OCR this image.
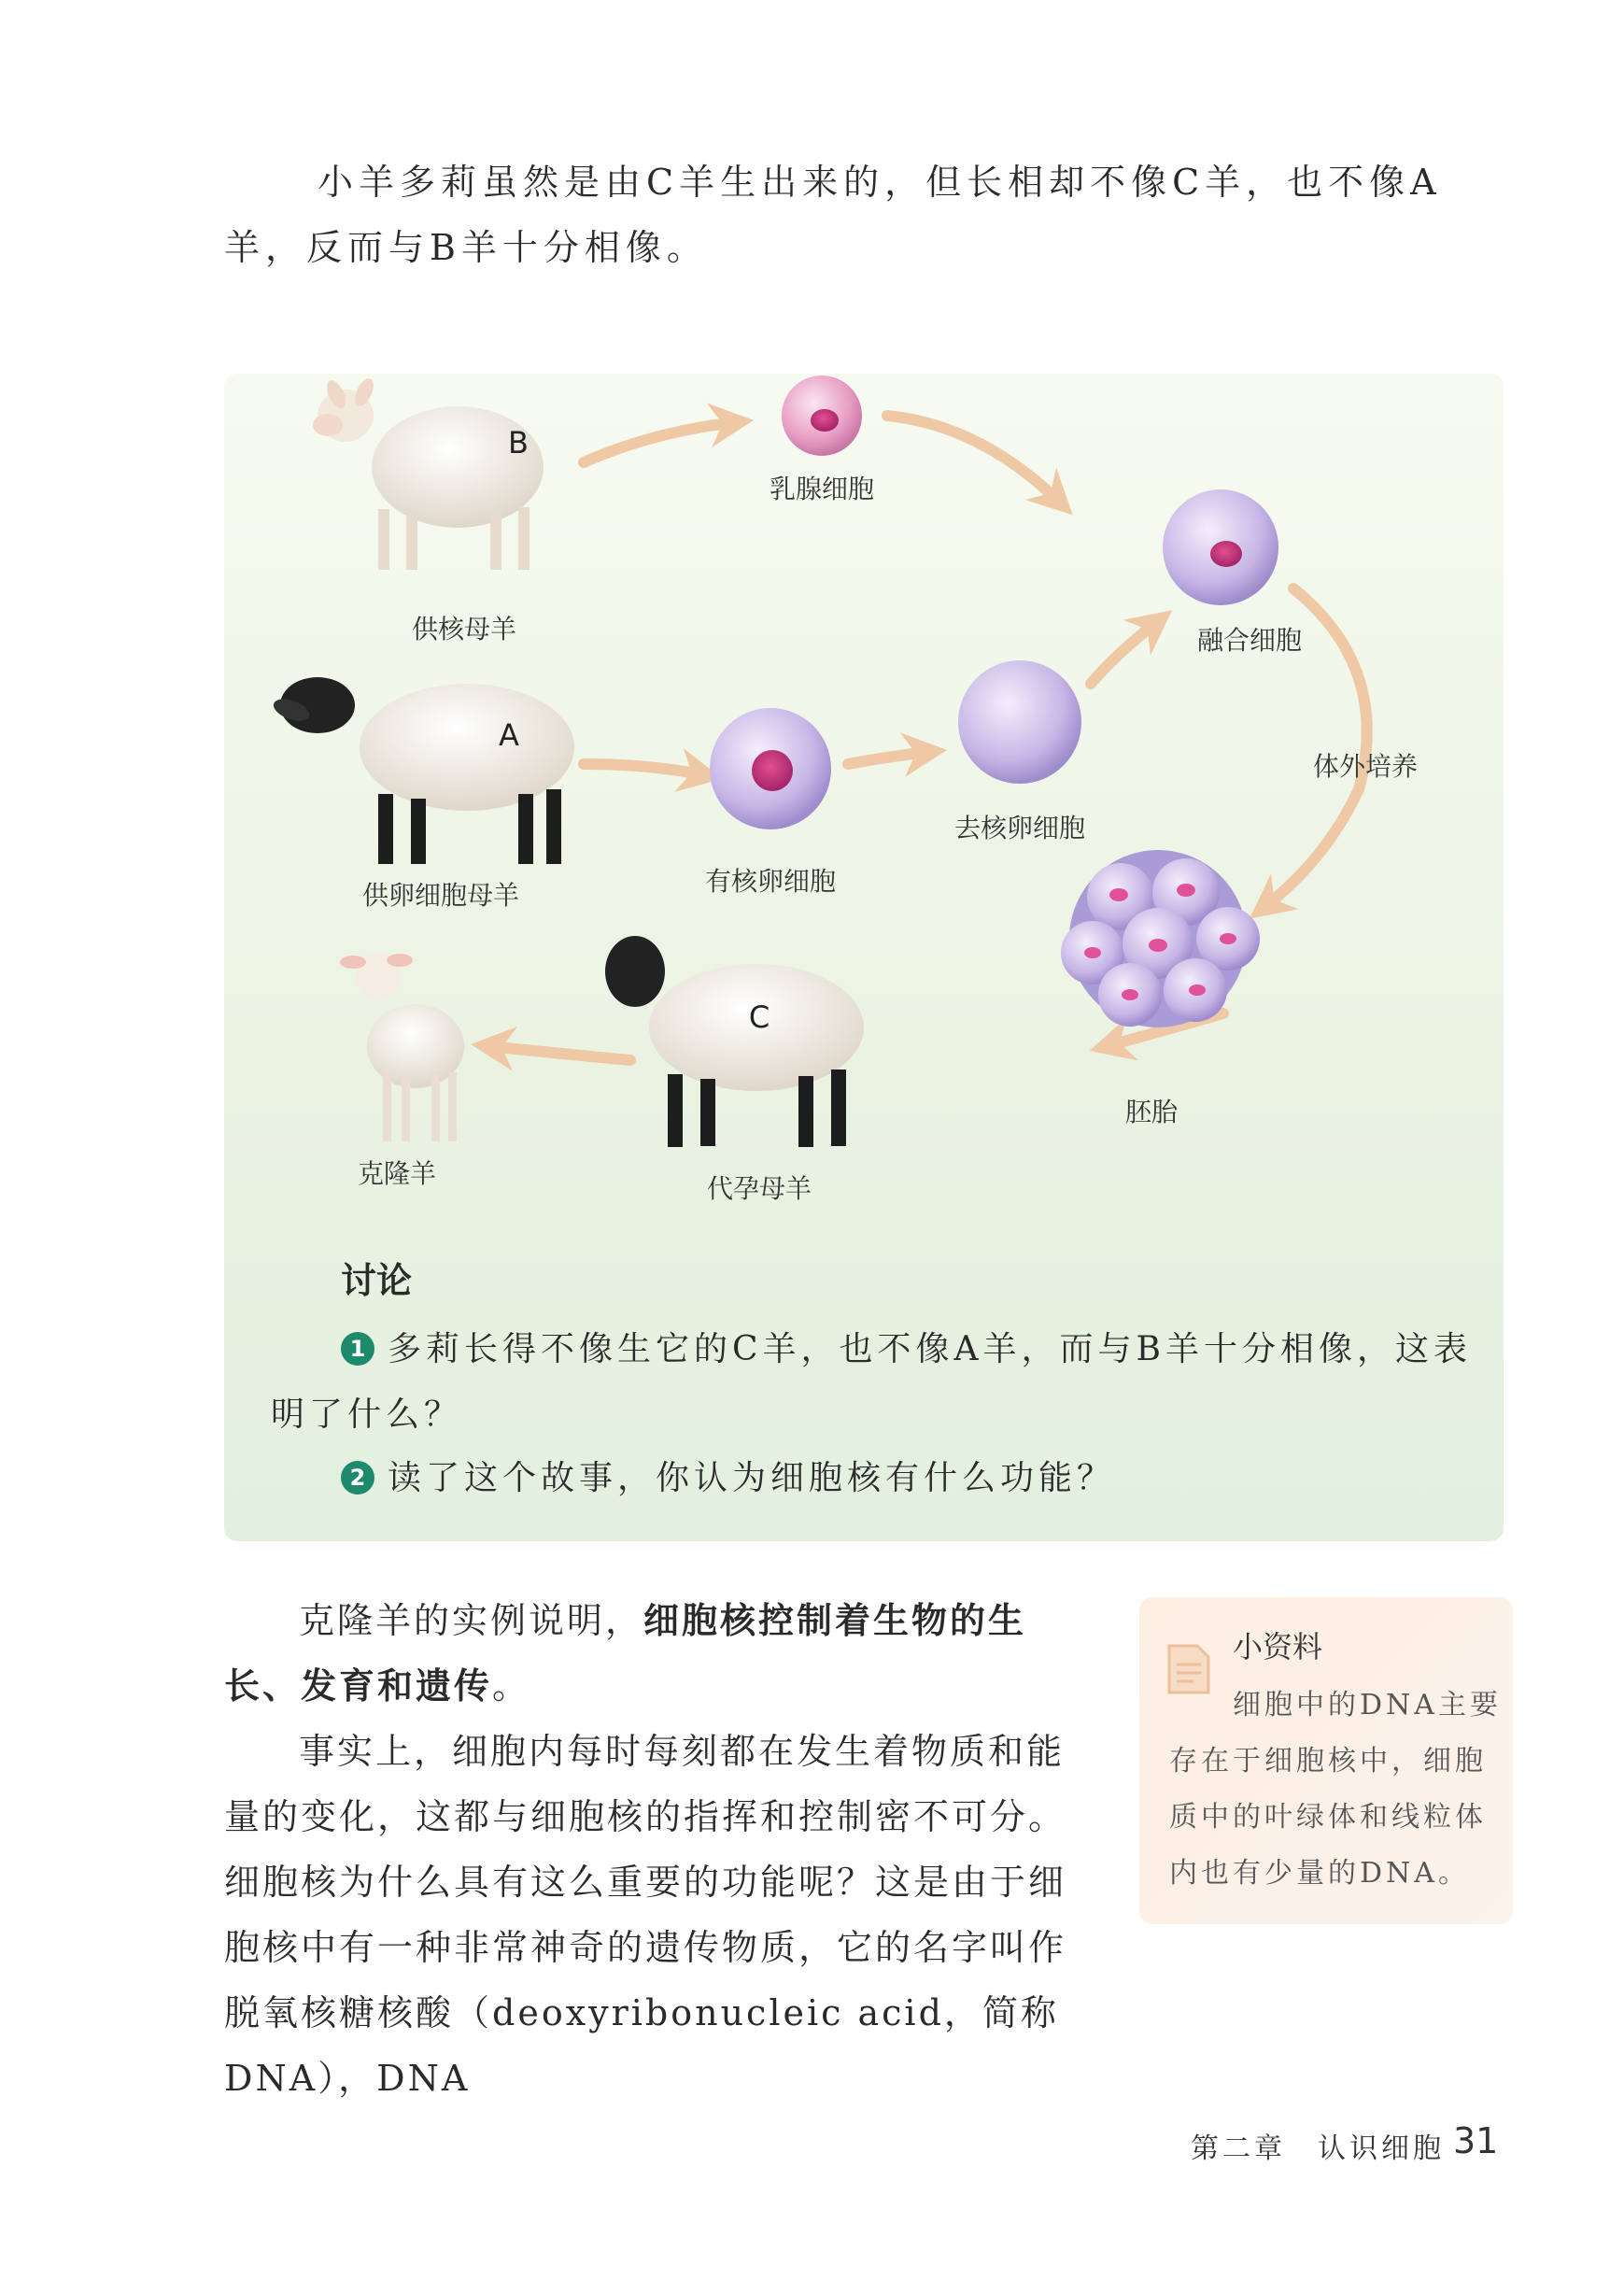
小羊多莉虽然是由C羊生出来的，但长相却不像C羊，也不像A羊，反而与B羊十分相像。
B
A
C
供核母羊
乳腺细胞
融合细胞
体外培养
供卵细胞母羊	有核卵细胞
去核卵细胞
胚胎
代孕母羊
克隆羊
讨论
1 多莉长得不像生它的C羊，也不像A羊，而与B羊十分相像，这表明了什么？
2 读了这个故事，你认为细胞核有什么功能？

克隆羊的实例说明，细胞核控制着生物的生长、发育和遗传。

事实上，细胞内每时每刻都在发生着物质和能量的变化，这都与细胞核的指挥和控制密不可分。细胞核为什么具有这么重要的功能呢？这是由于细胞核中有一种非常神奇的遗传物质，它的名字叫作脱氧核糖核酸（deoxyribonucleic acid，简称DNA），DNA

小资料
细胞中的DNA主要存在于细胞核中，细胞质中的叶绿体和线粒体内也有少量的DNA。
第二章　认识细胞 31
